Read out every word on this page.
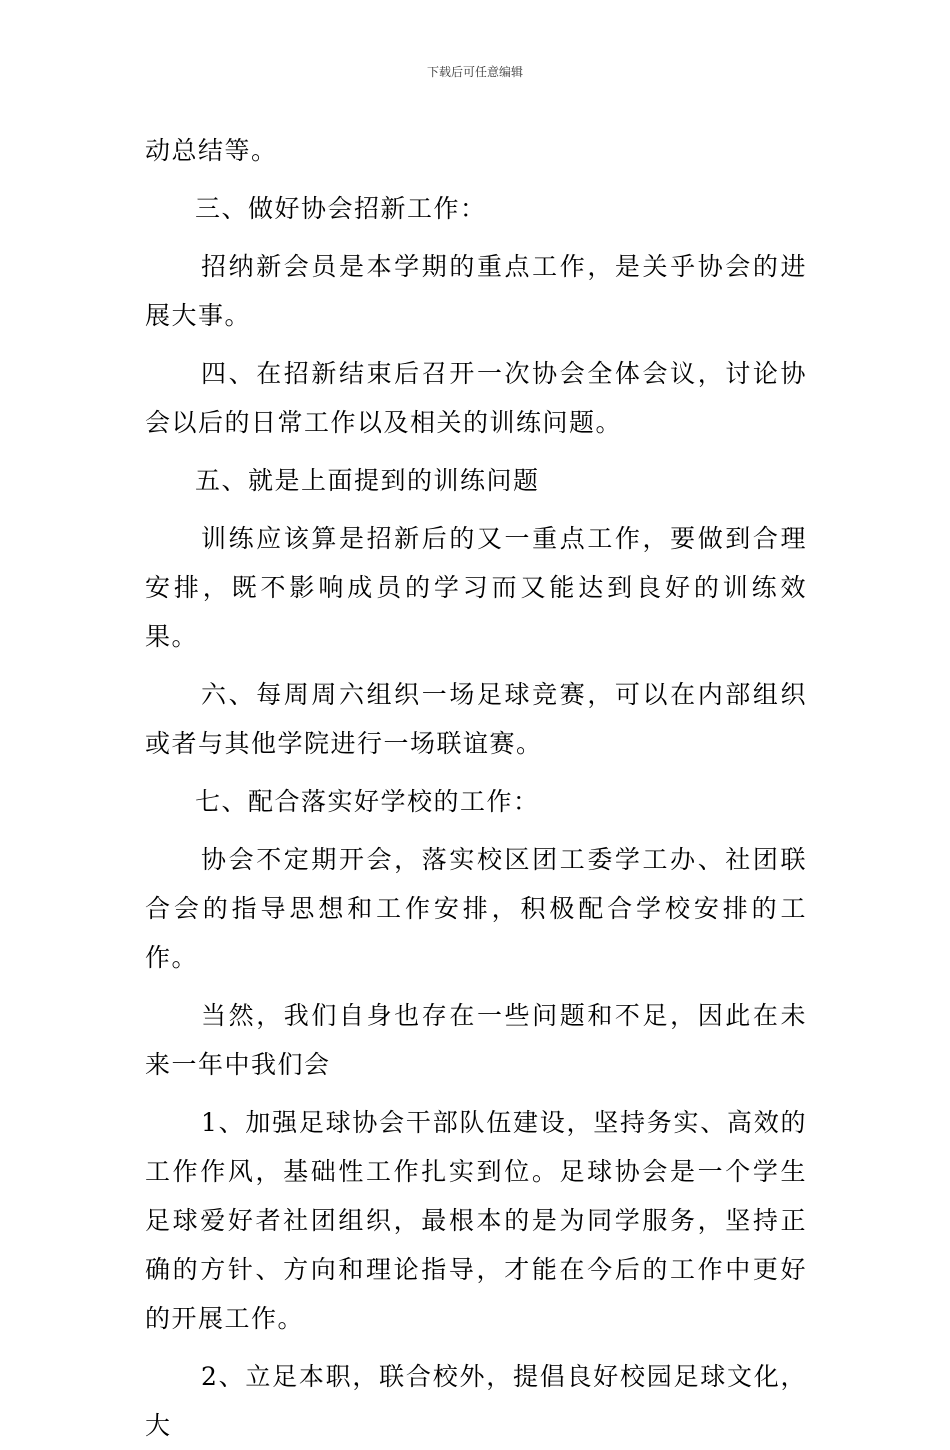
下载后可任意编辑

动总结等。

三、做好协会招新工作：

招纳新会员是本学期的重点工作，是关乎协会的进展大事。

四、在招新结束后召开一次协会全体会议，讨论协会以后的日常工作以及相关的训练问题。

五、就是上面提到的训练问题

训练应该算是招新后的又一重点工作，要做到合理安排，既不影响成员的学习而又能达到良好的训练效果。

六、每周周六组织一场足球竞赛，可以在内部组织或者与其他学院进行一场联谊赛。

七、配合落实好学校的工作：

协会不定期开会，落实校区团工委学工办、社团联合会的指导思想和工作安排，积极配合学校安排的工作。

当然，我们自身也存在一些问题和不足，因此在未来一年中我们会

1、加强足球协会干部队伍建设，坚持务实、高效的工作作风，基础性工作扎实到位。足球协会是一个学生足球爱好者社团组织，最根本的是为同学服务，坚持正确的方针、方向和理论指导，才能在今后的工作中更好的开展工作。

2、立足本职，联合校外，提倡良好校园足球文化，大
